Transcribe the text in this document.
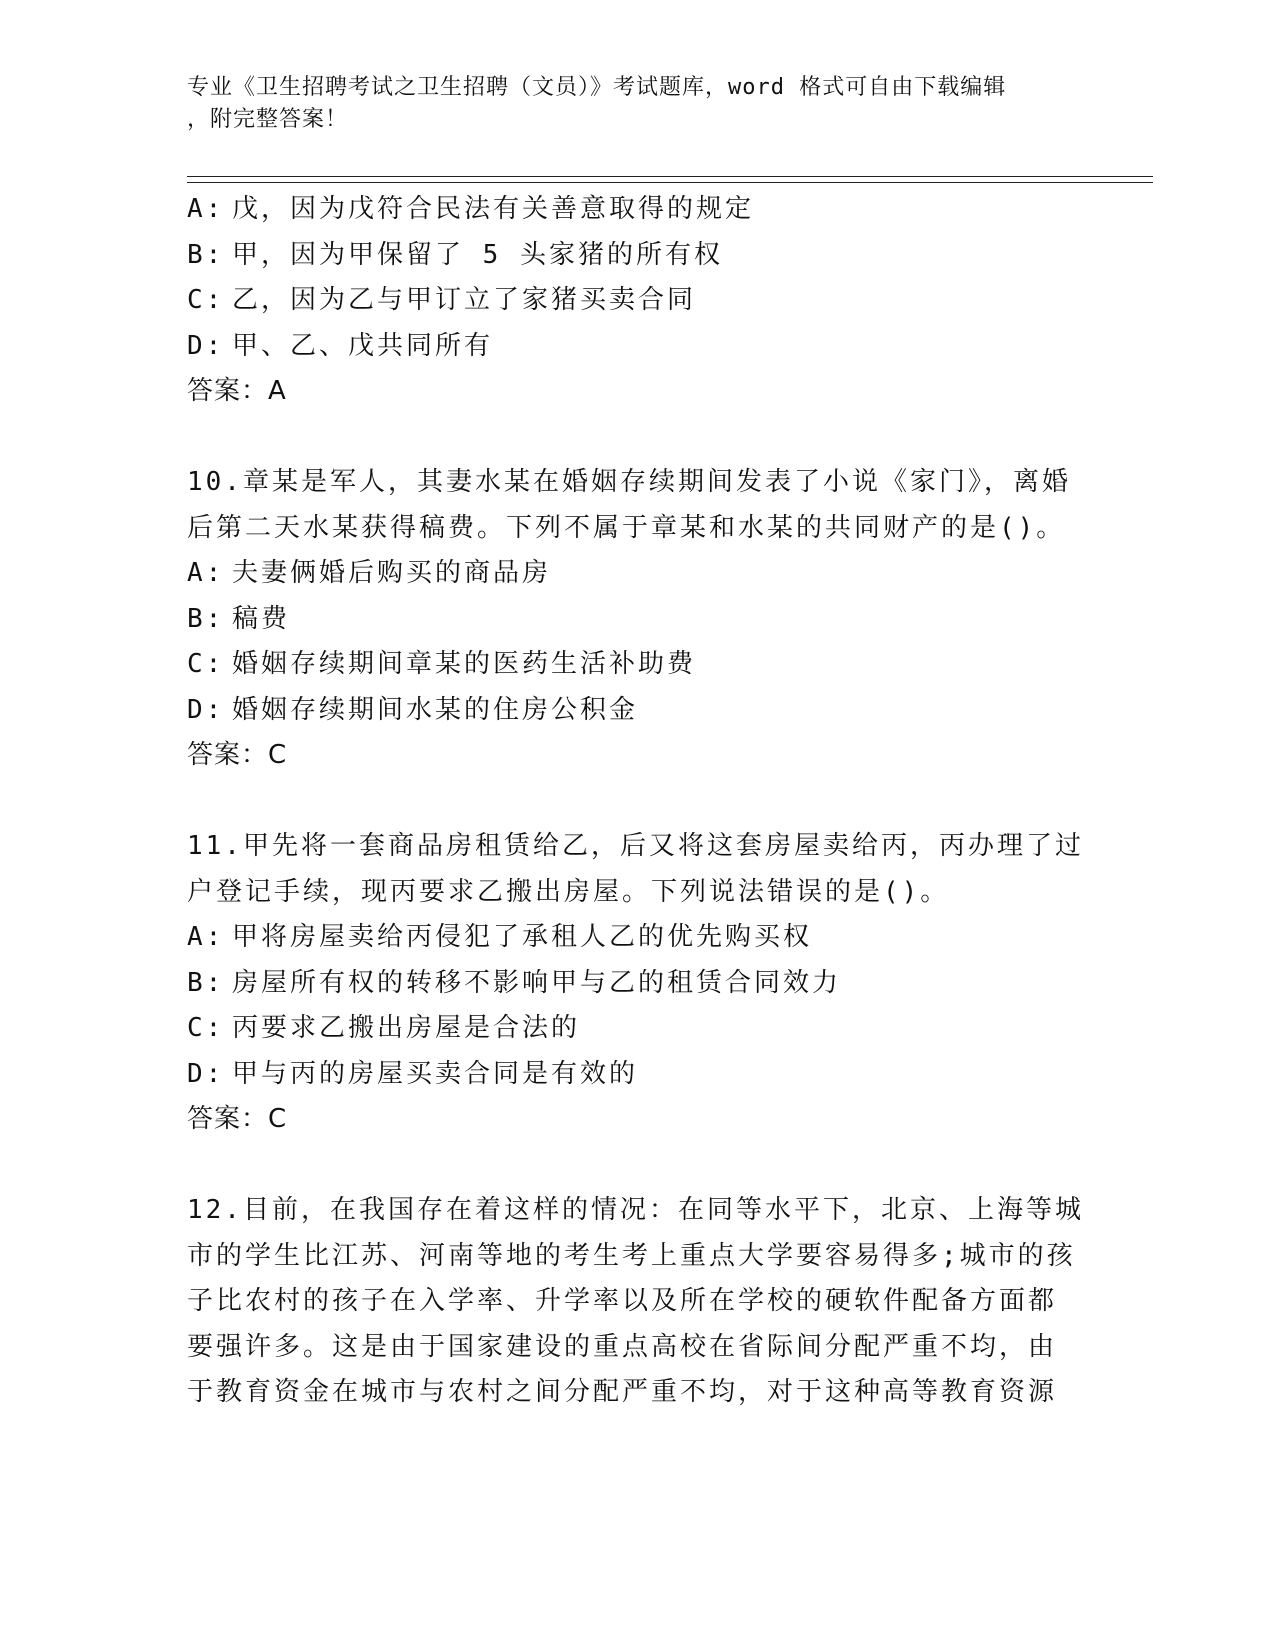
专业《卫生招聘考试之卫生招聘（文员）》考试题库，word 格式可自由下载编辑
，附完整答案！
A: 戊，因为戊符合民法有关善意取得的规定
B: 甲，因为甲保留了 5 头家猪的所有权
C: 乙，因为乙与甲订立了家猪买卖合同
D: 甲、乙、戊共同所有
答案：A
10.章某是军人，其妻水某在婚姻存续期间发表了小说《家门》，离婚
后第二天水某获得稿费。下列不属于章某和水某的共同财产的是()。
A: 夫妻俩婚后购买的商品房
B: 稿费
C: 婚姻存续期间章某的医药生活补助费
D: 婚姻存续期间水某的住房公积金
答案：C
11.甲先将一套商品房租赁给乙，后又将这套房屋卖给丙，丙办理了过
户登记手续，现丙要求乙搬出房屋。下列说法错误的是()。
A: 甲将房屋卖给丙侵犯了承租人乙的优先购买权
B: 房屋所有权的转移不影响甲与乙的租赁合同效力
C: 丙要求乙搬出房屋是合法的
D: 甲与丙的房屋买卖合同是有效的
答案：C
12.目前，在我国存在着这样的情况：在同等水平下，北京、上海等城
市的学生比江苏、河南等地的考生考上重点大学要容易得多;城市的孩
子比农村的孩子在入学率、升学率以及所在学校的硬软件配备方面都
要强许多。这是由于国家建设的重点高校在省际间分配严重不均，由
于教育资金在城市与农村之间分配严重不均，对于这种高等教育资源
